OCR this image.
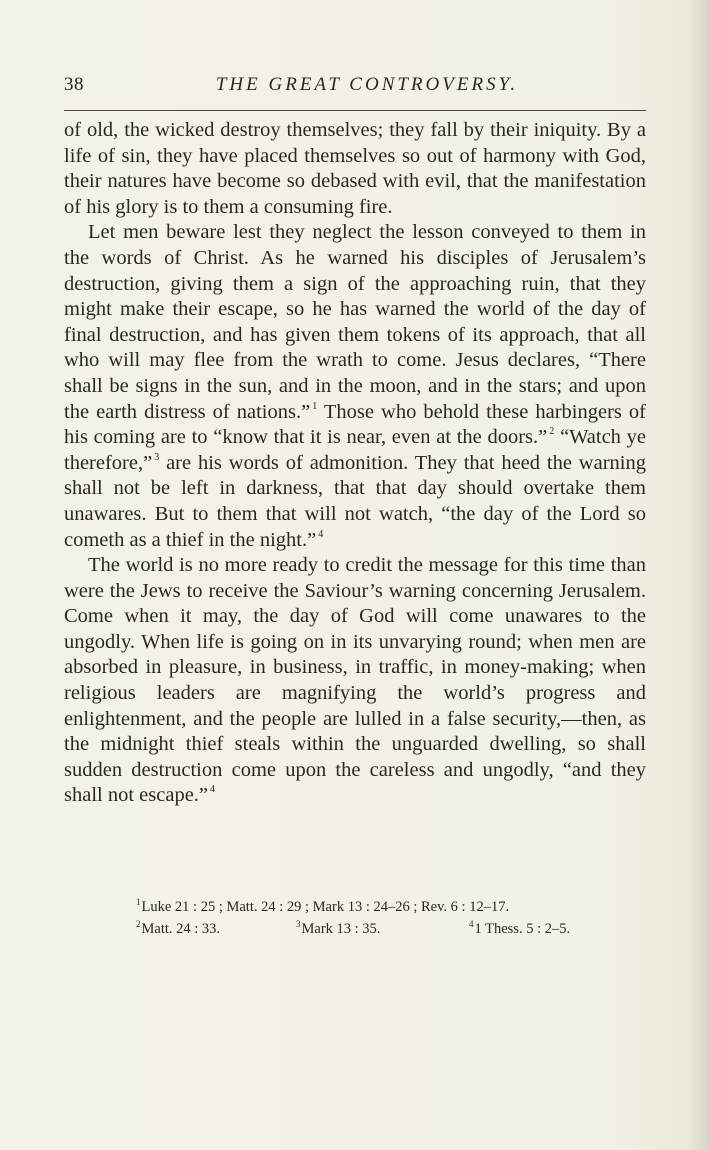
38	THE GREAT CONTROVERSY.

of old, the wicked destroy themselves; they fall by their iniquity. By a life of sin, they have placed themselves so out of harmony with God, their natures have become so debased with evil, that the manifestation of his glory is to them a consuming fire.

Let men beware lest they neglect the lesson conveyed to them in the words of Christ. As he warned his disciples of Jerusalem’s destruction, giving them a sign of the approaching ruin, that they might make their escape, so he has warned the world of the day of final destruction, and has given them tokens of its approach, that all who will may flee from the wrath to come. Jesus declares, “There shall be signs in the sun, and in the moon, and in the stars; and upon the earth distress of nations.” $^1$ Those who behold these harbingers of his coming are to “know that it is near, even at the doors.” $^2$ “Watch ye therefore,” $^3$ are his words of admonition. They that heed the warning shall not be left in darkness, that that day should overtake them unawares. But to them that will not watch, “the day of the Lord so cometh as a thief in the night.” $^4$

The world is no more ready to credit the message for this time than were the Jews to receive the Saviour’s warning concerning Jerusalem. Come when it may, the day of God will come unawares to the ungodly. When life is going on in its unvarying round; when men are absorbed in pleasure, in business, in traffic, in money-making; when religious leaders are magnifying the world’s progress and enlightenment, and the people are lulled in a false security,—then, as the midnight thief steals within the unguarded dwelling, so shall sudden destruction come upon the careless and ungodly, “and they shall not escape.” $^4$

$^1$Luke 21 : 25 ; Matt. 24 : 29 ; Mark 13 : 24–26 ; Rev. 6 : 12–17.
$^2$Matt. 24 : 33.	$^3$Mark 13 : 35.	$^4$1 Thess. 5 : 2–5.
